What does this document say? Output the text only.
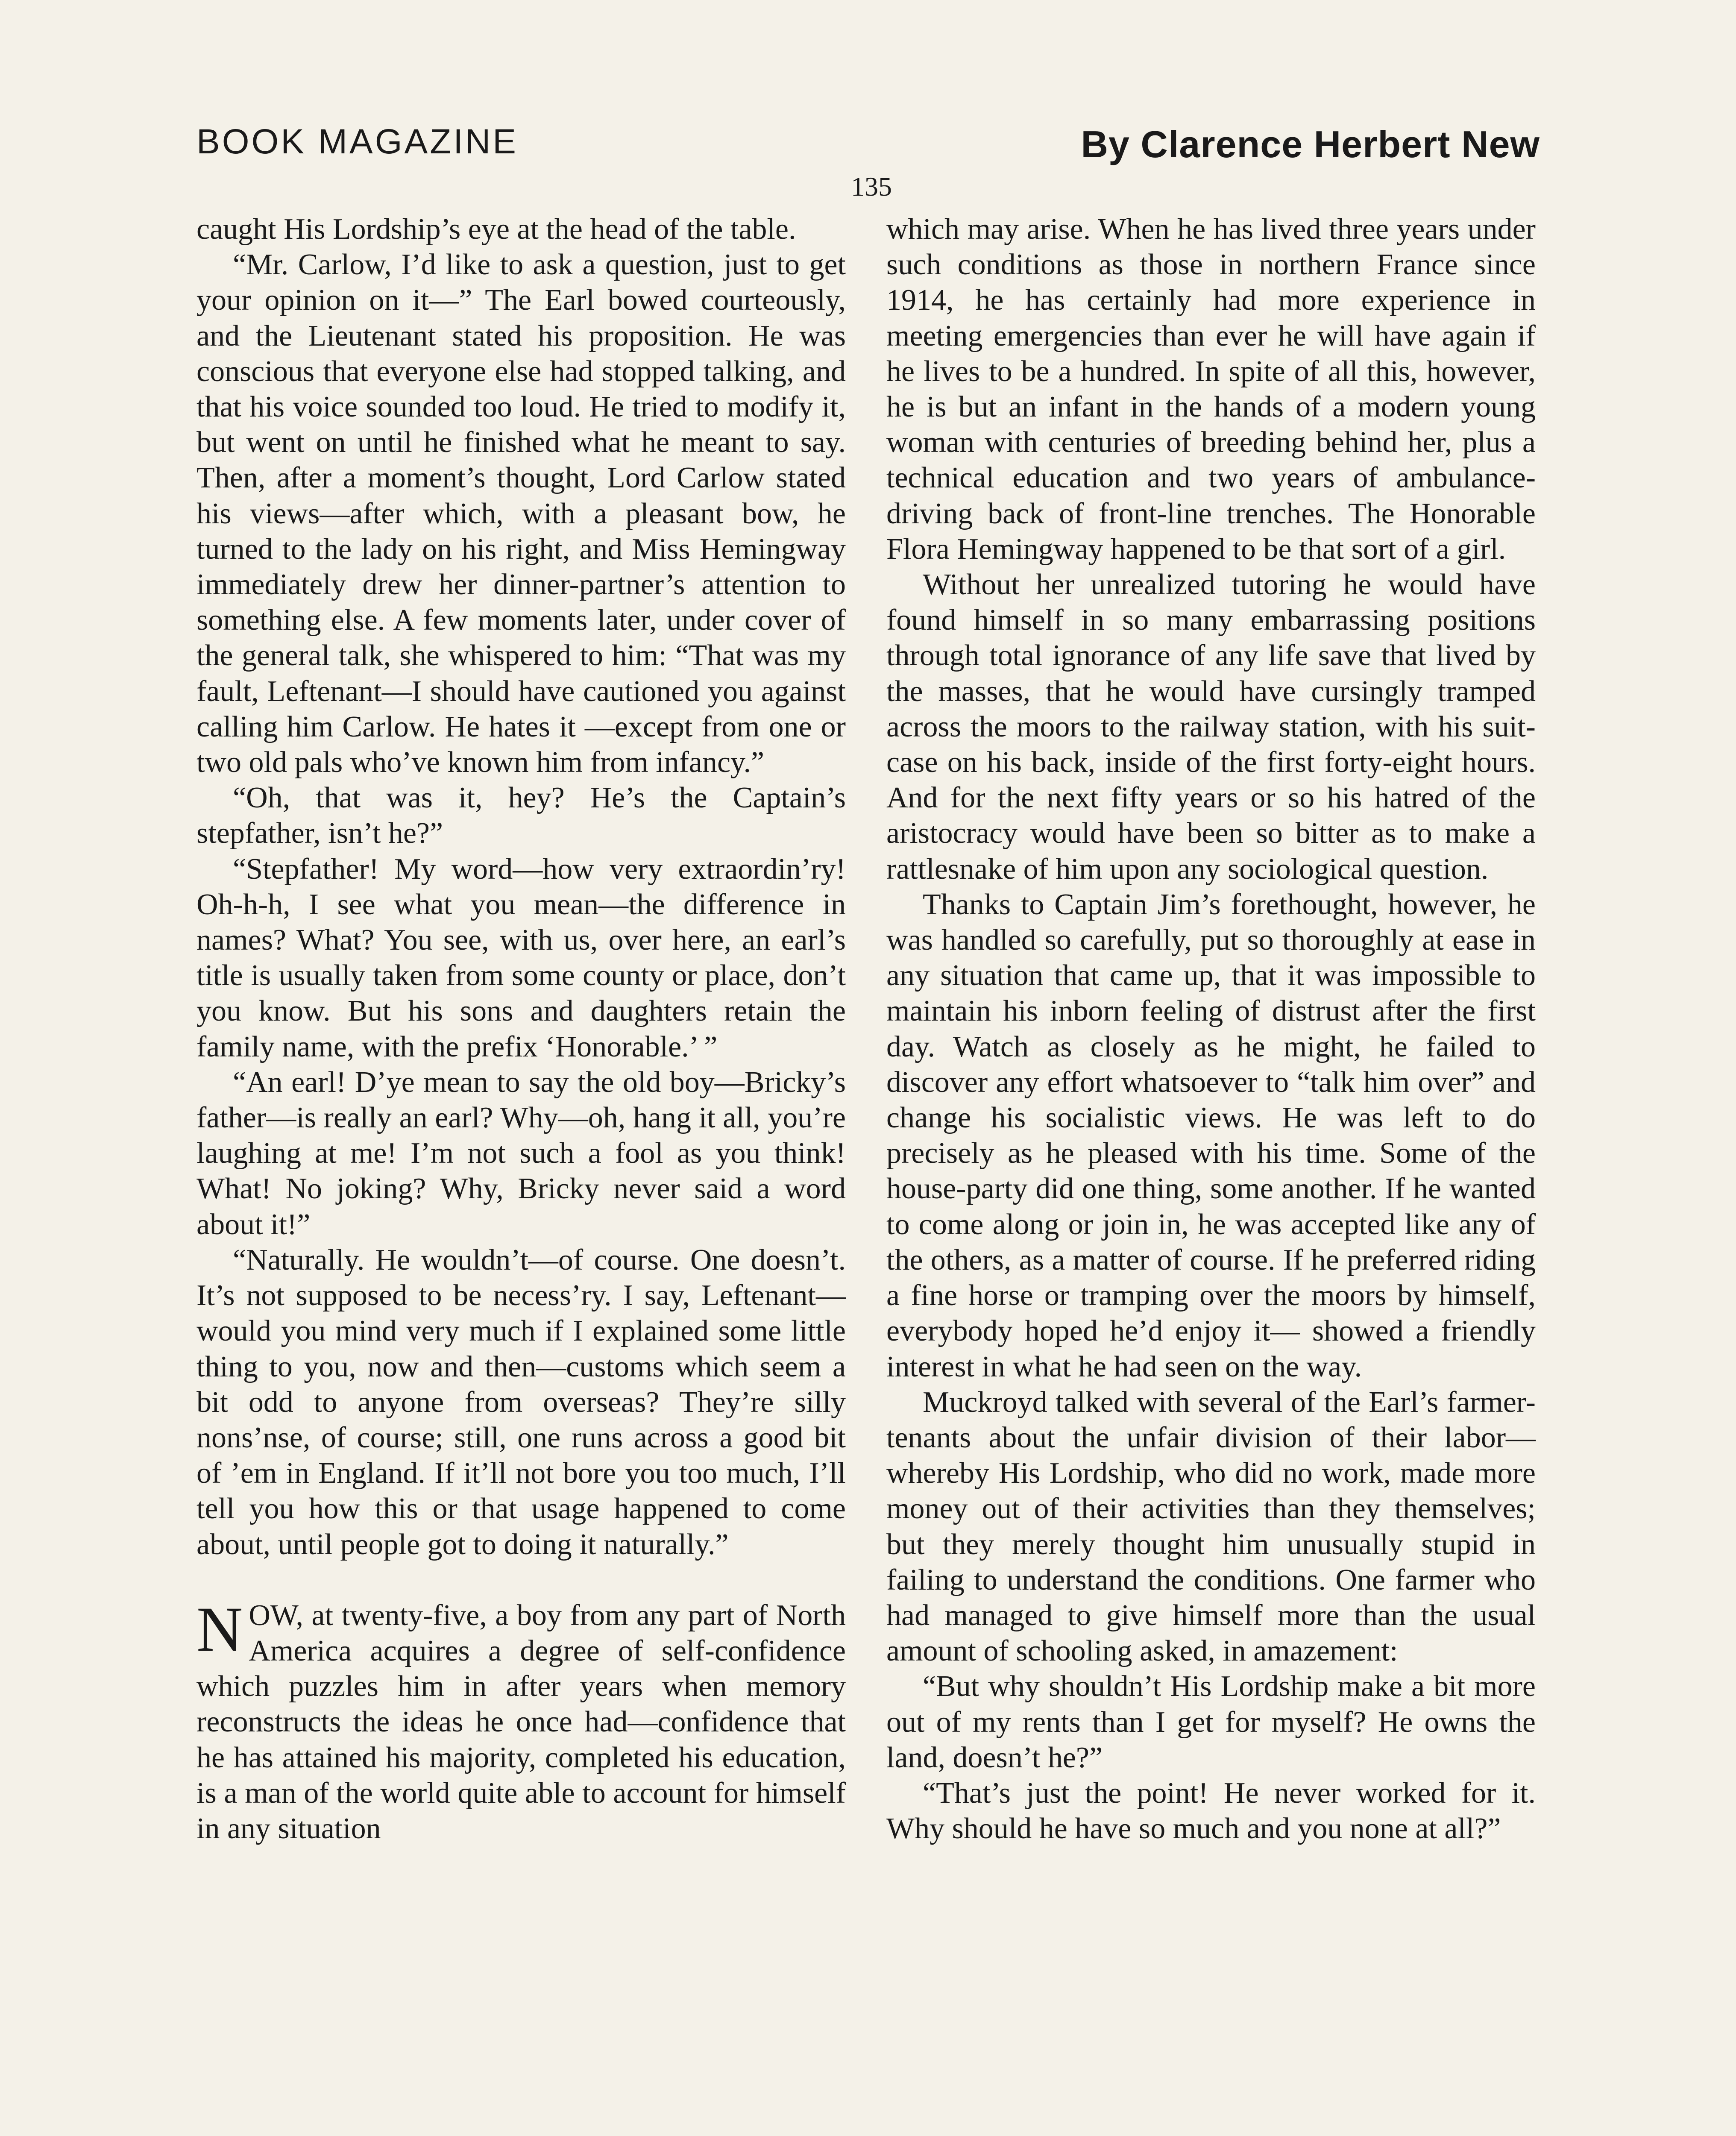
BOOK MAGAZINE	By Clarence Herbert New
135

caught His Lordship’s eye at the head of the table.

“Mr. Carlow, I’d like to ask a question, just to get your opinion on it—” The Earl bowed courteously, and the Lieutenant stated his proposition. He was conscious that everyone else had stopped talking, and that his voice sounded too loud. He tried to modify it, but went on until he finished what he meant to say. Then, after a moment’s thought, Lord Carlow stated his views—after which, with a pleasant bow, he turned to the lady on his right, and Miss Hemingway immediately drew her dinner-partner’s attention to something else. A few moments later, under cover of the general talk, she whispered to him: “That was my fault, Leftenant—I should have cautioned you against calling him Carlow. He hates it —except from one or two old pals who’ve known him from infancy.”

“Oh, that was it, hey? He’s the Captain’s stepfather, isn’t he?”

“Stepfather! My word—how very extraordin’ry! Oh-h-h, I see what you mean—the difference in names? What? You see, with us, over here, an earl’s title is usually taken from some county or place, don’t you know. But his sons and daughters retain the family name, with the prefix ‘Honorable.’ ”

“An earl! D’ye mean to say the old boy—Bricky’s father—is really an earl? Why—oh, hang it all, you’re laughing at me! I’m not such a fool as you think! What! No joking? Why, Bricky never said a word about it!”

“Naturally. He wouldn’t—of course. One doesn’t. It’s not supposed to be necess’ry. I say, Leftenant—would you mind very much if I explained some little thing to you, now and then—customs which seem a bit odd to anyone from overseas? They’re silly nons’nse, of course; still, one runs across a good bit of ’em in England. If it’ll not bore you too much, I’ll tell you how this or that usage happened to come about, until people got to doing it naturally.”

NOW, at twenty-five, a boy from any part of North America acquires a degree of self-confidence which puzzles him in after years when memory reconstructs the ideas he once had—confidence that he has attained his majority, completed his education, is a man of the world quite able to account for himself in any situation

which may arise. When he has lived three years under such conditions as those in northern France since 1914, he has certainly had more experience in meeting emergencies than ever he will have again if he lives to be a hundred. In spite of all this, however, he is but an infant in the hands of a modern young woman with centuries of breeding behind her, plus a technical education and two years of ambulance-driving back of front-line trenches. The Honorable Flora Hemingway happened to be that sort of a girl.

Without her unrealized tutoring he would have found himself in so many embarrassing positions through total ignorance of any life save that lived by the masses, that he would have cursingly tramped across the moors to the railway station, with his suit-case on his back, inside of the first forty-eight hours. And for the next fifty years or so his hatred of the aristocracy would have been so bitter as to make a rattlesnake of him upon any sociological question.

Thanks to Captain Jim’s forethought, however, he was handled so carefully, put so thoroughly at ease in any situation that came up, that it was impossible to maintain his inborn feeling of distrust after the first day. Watch as closely as he might, he failed to discover any effort whatsoever to “talk him over” and change his socialistic views. He was left to do precisely as he pleased with his time. Some of the house-party did one thing, some another. If he wanted to come along or join in, he was accepted like any of the others, as a matter of course. If he preferred riding a fine horse or tramping over the moors by himself, everybody hoped he’d enjoy it— showed a friendly interest in what he had seen on the way.

Muckroyd talked with several of the Earl’s farmer-tenants about the unfair division of their labor—whereby His Lordship, who did no work, made more money out of their activities than they themselves; but they merely thought him unusually stupid in failing to understand the conditions. One farmer who had managed to give himself more than the usual amount of schooling asked, in amazement:

“But why shouldn’t His Lordship make a bit more out of my rents than I get for myself? He owns the land, doesn’t he?”

“That’s just the point! He never worked for it. Why should he have so much and you none at all?”
